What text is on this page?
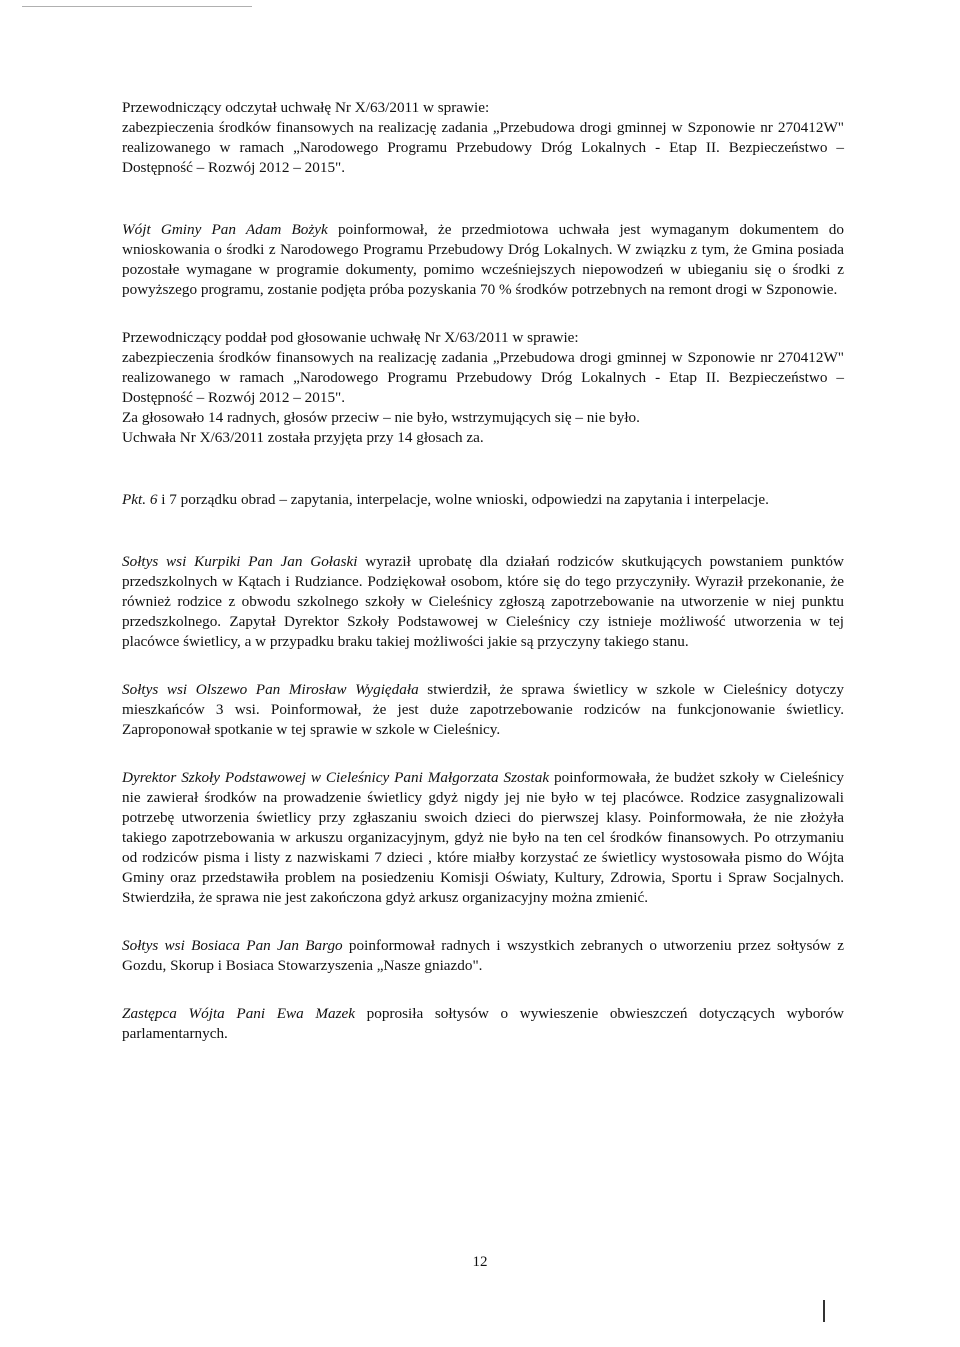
Przewodniczący odczytał uchwałę Nr X/63/2011 w sprawie:

zabezpieczenia środków finansowych na realizację zadania „Przebudowa drogi gminnej w Szponowie nr 270412W" realizowanego w ramach „Narodowego Programu Przebudowy Dróg Lokalnych - Etap II. Bezpieczeństwo – Dostępność – Rozwój 2012 – 2015".

Wójt Gminy Pan Adam Bożyk poinformował, że przedmiotowa uchwała jest wymaganym dokumentem do wnioskowania o środki z Narodowego Programu Przebudowy Dróg Lokalnych. W związku z tym, że Gmina posiada pozostałe wymagane w programie dokumenty, pomimo wcześniejszych niepowodzeń w ubieganiu się o środki z powyższego programu, zostanie podjęta próba pozyskania 70 % środków potrzebnych na remont drogi w Szponowie.

Przewodniczący poddał pod głosowanie uchwałę Nr X/63/2011 w sprawie:

zabezpieczenia środków finansowych na realizację zadania „Przebudowa drogi gminnej w Szponowie nr 270412W" realizowanego w ramach „Narodowego Programu Przebudowy Dróg Lokalnych - Etap II. Bezpieczeństwo – Dostępność – Rozwój 2012 – 2015".

Za głosowało 14 radnych, głosów przeciw – nie było, wstrzymujących się – nie było.

Uchwała Nr X/63/2011 została przyjęta przy 14 głosach za.

Pkt. 6 i 7 porządku obrad – zapytania, interpelacje, wolne wnioski, odpowiedzi na zapytania i interpelacje.

Sołtys wsi Kurpiki Pan Jan Gołaski wyraził uprobatę dla działań rodziców skutkujących powstaniem punktów przedszkolnych w Kątach i Rudziance. Podziękował osobom, które się do tego przyczyniły. Wyraził przekonanie, że również rodzice z obwodu szkolnego szkoły w Cieleśnicy zgłoszą zapotrzebowanie na utworzenie w niej punktu przedszkolnego. Zapytał Dyrektor Szkoły Podstawowej w Cieleśnicy czy istnieje możliwość utworzenia w tej placówce świetlicy, a w przypadku braku takiej możliwości jakie są przyczyny takiego stanu.

Sołtys wsi Olszewo Pan Mirosław Wygiędała stwierdził, że sprawa świetlicy w szkole w Cieleśnicy dotyczy mieszkańców 3 wsi. Poinformował, że jest duże zapotrzebowanie rodziców na funkcjonowanie świetlicy. Zaproponował spotkanie w tej sprawie w szkole w Cieleśnicy.

Dyrektor Szkoły Podstawowej w Cieleśnicy Pani Małgorzata Szostak poinformowała, że budżet szkoły w Cieleśnicy nie zawierał środków na prowadzenie świetlicy gdyż nigdy jej nie było w tej placówce. Rodzice zasygnalizowali potrzebę utworzenia świetlicy przy zgłaszaniu swoich dzieci do pierwszej klasy. Poinformowała, że nie złożyła takiego zapotrzebowania w arkuszu organizacyjnym, gdyż nie było na ten cel środków finansowych. Po otrzymaniu od rodziców pisma i listy z nazwiskami 7 dzieci , które miałby korzystać ze świetlicy wystosowała pismo do Wójta Gminy oraz przedstawiła problem na posiedzeniu Komisji Oświaty, Kultury, Zdrowia, Sportu i Spraw Socjalnych. Stwierdziła, że sprawa nie jest zakończona gdyż arkusz organizacyjny można zmienić.

Sołtys wsi Bosiaca Pan Jan Bargo poinformował radnych i wszystkich zebranych o utworzeniu przez sołtysów z Gozdu, Skorup i Bosiaca Stowarzyszenia „Nasze gniazdo".

Zastępca Wójta Pani Ewa Mazek poprosiła sołtysów o wywieszenie obwieszczeń dotyczących wyborów parlamentarnych.

12
